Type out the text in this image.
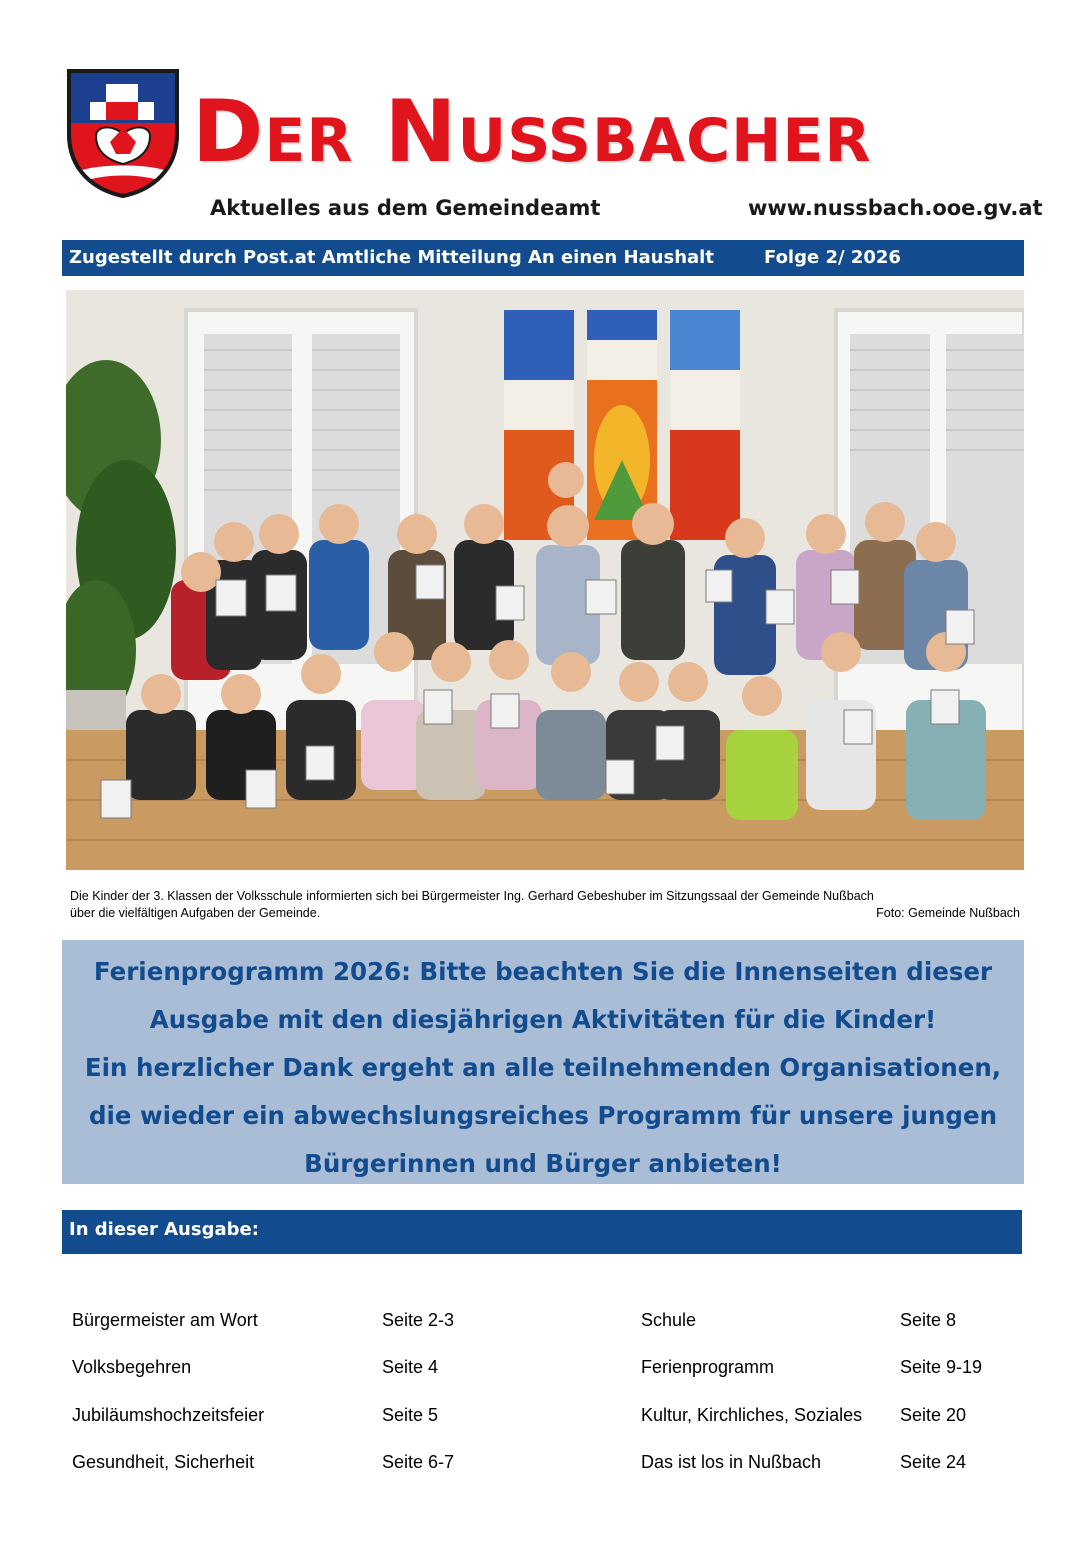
Der Nußbacher
Aktuelles aus dem Gemeindeamt	www.nussbach.ooe.gv.at
Zugestellt durch Post.at Amtliche Mitteilung An einen Haushalt	Folge 2/ 2026
Die Kinder der 3. Klassen der Volksschule informierten sich bei Bürgermeister Ing. Gerhard Gebeshuber im Sitzungssaal der Gemeinde Nußbach
über die vielfältigen Aufgaben der Gemeinde.	Foto: Gemeinde Nußbach

Ferienprogramm 2026: Bitte beachten Sie die Innenseiten dieser Ausgabe mit den diesjährigen Aktivitäten für die Kinder!

Ein herzlicher Dank ergeht an alle teilnehmenden Organisationen, die wieder ein abwechslungsreiches Programm für unsere jungen Bürgerinnen und Bürger anbieten!

In dieser Ausgabe:
Bürgermeister am Wort	Seite 2-3
Volksbegehren	Seite 4
Jubiläumshochzeitsfeier	Seite 5
Gesundheit, Sicherheit	Seite 6-7
Schule	Seite 8
Ferienprogramm	Seite 9-19
Kultur, Kirchliches, Soziales Seite 20
Das ist los in Nußbach	Seite 24
